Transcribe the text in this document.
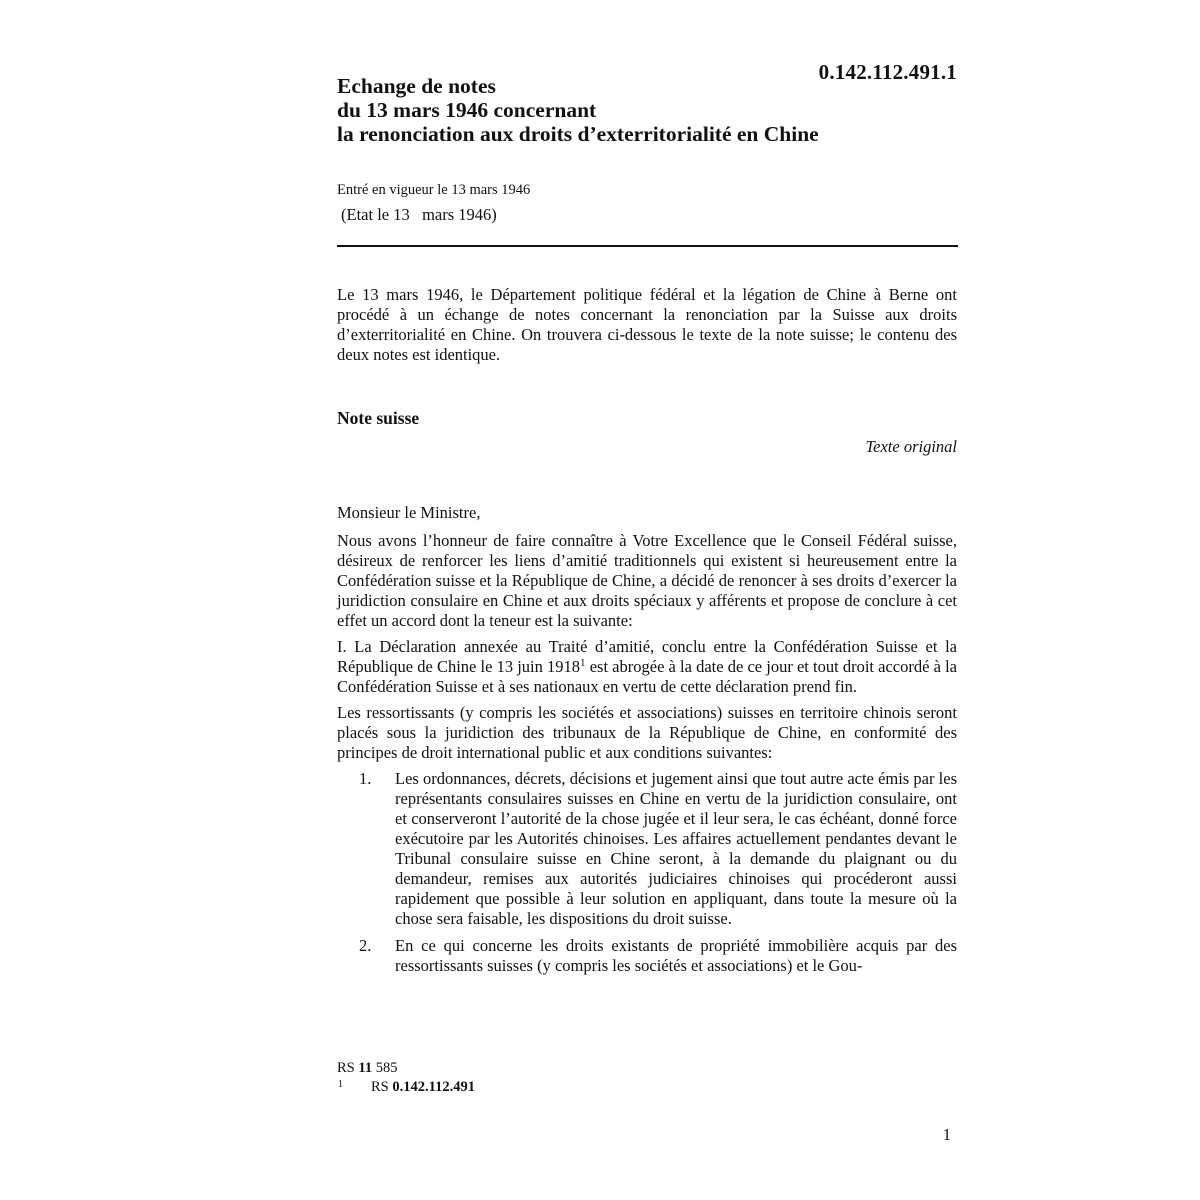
0.142.112.491.1
Echange de notes
du 13 mars 1946 concernant
la renonciation aux droits d’exterritorialité en Chine
Entré en vigueur le 13 mars 1946
(Etat le 13   mars 1946)
Le 13 mars 1946, le Département politique fédéral et la légation de Chine à Berne ont procédé à un échange de notes concernant la renonciation par la Suisse aux droits d’exterritorialité en Chine. On trouvera ci-dessous le texte de la note suisse; le contenu des deux notes est identique.
Note suisse
Texte original

Monsieur le Ministre,

Nous avons l’honneur de faire connaître à Votre Excellence que le Conseil Fédéral suisse, désireux de renforcer les liens d’amitié traditionnels qui existent si heureusement entre la Confédération suisse et la République de Chine, a décidé de renoncer à ses droits d’exercer la juridiction consulaire en Chine et aux droits spéciaux y afférents et propose de conclure à cet effet un accord dont la teneur est la suivante:

I. La Déclaration annexée au Traité d’amitié, conclu entre la Confédération Suisse et la République de Chine le 13 juin 1918$^1$ est abrogée à la date de ce jour et tout droit accordé à la Confédération Suisse et à ses nationaux en vertu de cette déclaration prend fin.

Les ressortissants (y compris les sociétés et associations) suisses en territoire chinois seront placés sous la juridiction des tribunaux de la République de Chine, en conformité des principes de droit international public et aux conditions suivantes:

1. Les ordonnances, décrets, décisions et jugement ainsi que tout autre acte émis par les représentants consulaires suisses en Chine en vertu de la juridiction consulaire, ont et conserveront l’autorité de la chose jugée et il leur sera, le cas échéant, donné force exécutoire par les Autorités chinoises. Les affaires actuellement pendantes devant le Tribunal consulaire suisse en Chine seront, à la demande du plaignant ou du demandeur, remises aux autorités judiciaires chinoises qui procéderont aussi rapidement que possible à leur solution en appliquant, dans toute la mesure où la chose sera faisable, les dispositions du droit suisse.
2. En ce qui concerne les droits existants de propriété immobilière acquis par des ressortissants suisses (y compris les sociétés et associations) et le Gou-
RS 11 585
1 RS 0.142.112.491
1
